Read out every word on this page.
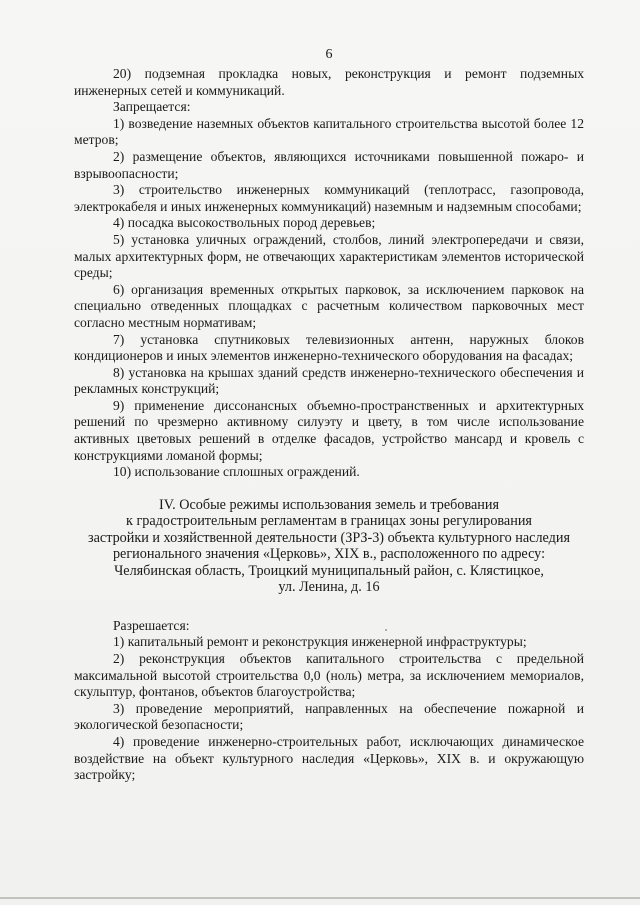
6

20) подземная прокладка новых, реконструкция и ремонт подземных инженерных сетей и коммуникаций.

Запрещается:

1) возведение наземных объектов капитального строительства высотой более 12 метров;

2) размещение объектов, являющихся источниками повышенной пожаро- и взрывоопасности;

3) строительство инженерных коммуникаций (теплотрасс, газопровода, электрокабеля и иных инженерных коммуникаций) наземным и надземным способами;

4) посадка высокоствольных пород деревьев;

5) установка уличных ограждений, столбов, линий электропередачи и связи, малых архитектурных форм, не отвечающих характеристикам элементов исторической среды;

6) организация временных открытых парковок, за исключением парковок на специально отведенных площадках с расчетным количеством парковочных мест согласно местным нормативам;

7) установка спутниковых телевизионных антенн, наружных блоков кондиционеров и иных элементов инженерно-технического оборудования на фасадах;

8) установка на крышах зданий средств инженерно-технического обеспечения и рекламных конструкций;

9) применение диссонансных объемно-пространственных и архитектурных решений по чрезмерно активному силуэту и цвету, в том числе использование активных цветовых решений в отделке фасадов, устройство мансард и кровель с конструкциями ломаной формы;

10) использование сплошных ограждений.

IV. Особые режимы использования земель и требования
к градостроительным регламентам в границах зоны регулирования
застройки и хозяйственной деятельности (ЗРЗ-3) объекта культурного наследия
регионального значения «Церковь», XIX в., расположенного по адресу:
Челябинская область, Троицкий муниципальный район, с. Клястицкое,
ул. Ленина, д. 16

Разрешается:

1) капитальный ремонт и реконструкция инженерной инфраструктуры;

2) реконструкция объектов капитального строительства с предельной максимальной высотой строительства 0,0 (ноль) метра, за исключением мемориалов, скульптур, фонтанов, объектов благоустройства;

3) проведение мероприятий, направленных на обеспечение пожарной и экологической безопасности;

4) проведение инженерно-строительных работ, исключающих динамическое воздействие на объект культурного наследия «Церковь», XIX в. и окружающую застройку;
